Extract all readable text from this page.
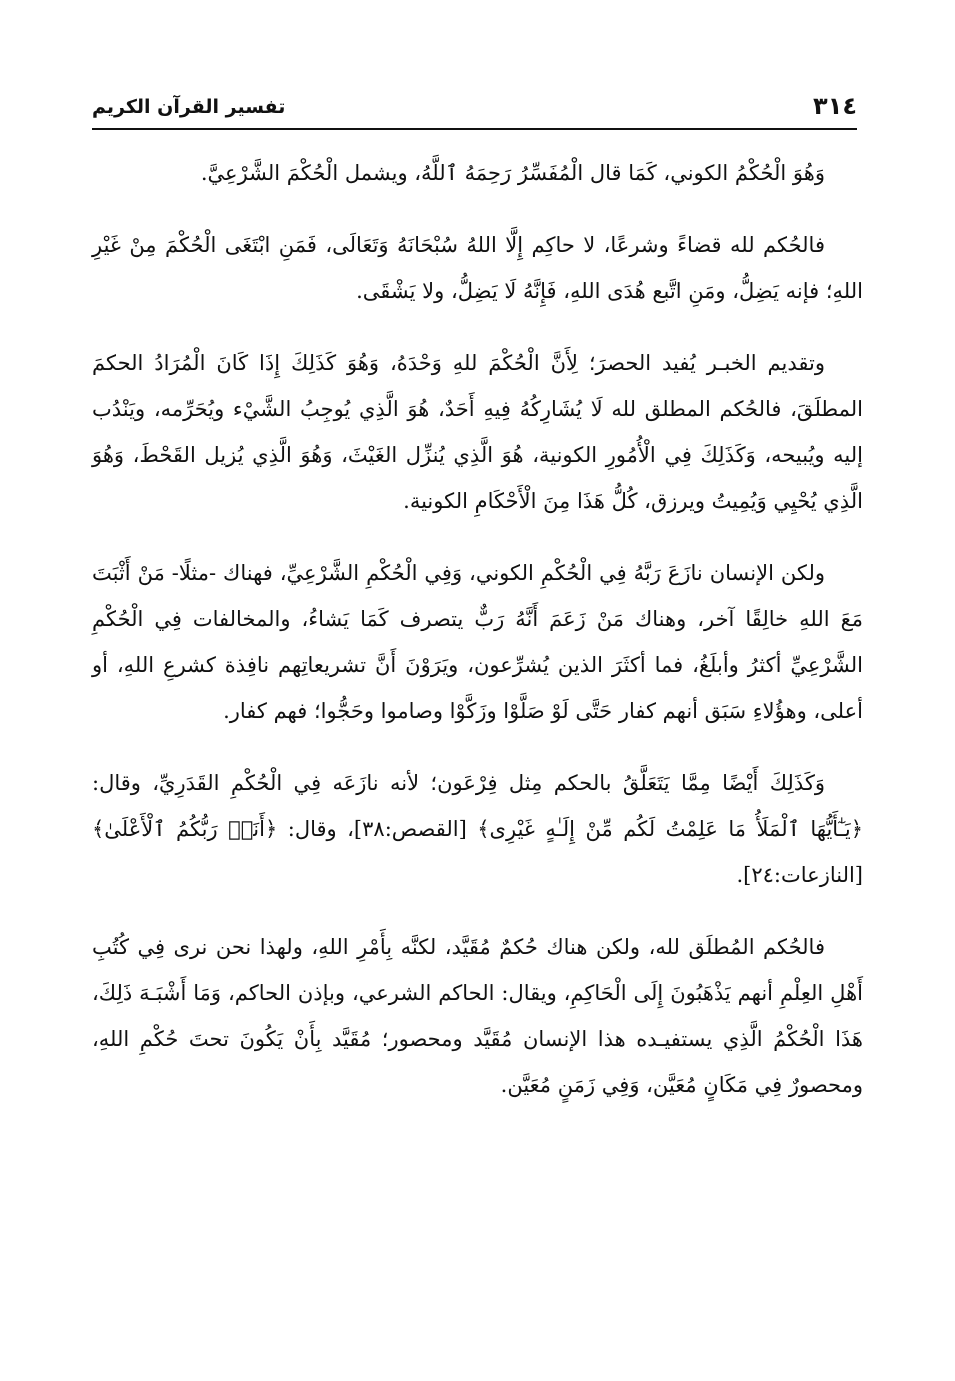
٣١٤
تفسير القرآن الكريم

وَهُوَ الْحُكْمُ الكوني، كَمَا قال الْمُفَسِّرُ رَحِمَهُ ٱللَّهُ، ويشمل الْحُكْمَ الشَّرْعِيَّ.

فالحُكم لله قضاءً وشرعًا، لا حاكِم إِلَّا اللهُ سُبْحَانَهُ وَتَعَالَى، فَمَنِ ابْتَغَى الْحُكْمَ مِنْ غَيْرِ اللهِ؛ فإنه يَضِلُّ، ومَنِ اتَّبع هُدَى اللهِ، فَإِنَّهُ لَا يَضِلُّ، ولا يَشْقَى.

وتقديم الخبـر يُفيد الحصرَ؛ لِأَنَّ الْحُكْمَ للهِ وَحْدَهُ، وَهُوَ كَذَلِكَ إِذَا كَانَ الْمُرَادُ الحكمَ المطلَقَ، فالحُكم المطلق لله لَا يُشَارِكُهُ فِيهِ أَحَدٌ، هُوَ الَّذِي يُوجِبُ الشَّيْء ويُحَرِّمه، ويَنْدُب إليه ويُبيحه، وَكَذَلِكَ فِي الْأُمُورِ الكونية، هُوَ الَّذِي يُنزِّل الغَيْثَ، وَهُوَ الَّذِي يُزيل القَحْطَ، وَهُوَ الَّذِي يُحْيِي وَيُمِيتُ ويرزق، كُلُّ هَذَا مِنَ الْأَحْكَامِ الكونية.

ولكن الإنسان نازَعَ رَبَّهُ فِي الْحُكْمِ الكوني، وَفِي الْحُكْمِ الشَّرْعِيِّ، فهناك -مثلًا- مَنْ أَثْبَتَ مَعَ اللهِ خالِقًا آخر، وهناك مَنْ زَعَمَ أَنَّهُ رَبٌّ يتصرف كَمَا يَشاءُ، والمخالفات فِي الْحُكْمِ الشَّرْعِيِّ أكثرُ وأبلَغُ، فما أكثَرَ الذين يُشرِّعون، ويَرَوْنَ أَنَّ تشريعاتِهم نافِذة كشرعِ اللهِ، أو أعلى، وهؤُلاءِ سَبَق أنهم كفار حَتَّى لَوْ صَلَّوْا وزَكَّوْا وصاموا وحَجُّوا؛ فهم كفار.

وَكَذَلِكَ أَيْضًا مِمَّا يَتَعَلَّقُ بالحكم مِثل فِرْعَون؛ لأنه نازَعَه فِي الْحُكْمِ القَدَرِيِّ، وقال: ﴿يَـٰٓأَيُّهَا ٱلْمَلَأُ مَا عَلِمْتُ لَكُم مِّنْ إِلَـٰهٍ غَيْرِى﴾ [القصص:٣٨]، وقال: ﴿أَنَا۠ رَبُّكُمُ ٱلْأَعْلَىٰ﴾ [النازعات:٢٤].

فالحُكم المُطلَق لله، ولكن هناك حُكمٌ مُقَيَّد، لكنَّه بِأَمْرِ اللهِ، ولهذا نحن نرى فِي كُتُبِ أَهْلِ العِلْمِ أنهم يَذْهَبُونَ إِلَى الْحَاكِمِ، ويقال: الحاكم الشرعي، وبإذن الحاكم، وَمَا أَشْبَـهَ ذَلِكَ، هَذَا الْحُكْمُ الَّذِي يستفيـده هذا الإنسان مُقَيَّد ومحصور؛ مُقَيَّد بِأَنْ يَكُونَ تحتَ حُكْمِ اللهِ، ومحصورٌ فِي مَكَانٍ مُعَيَّن، وَفِي زَمَنٍ مُعَيَّن.
